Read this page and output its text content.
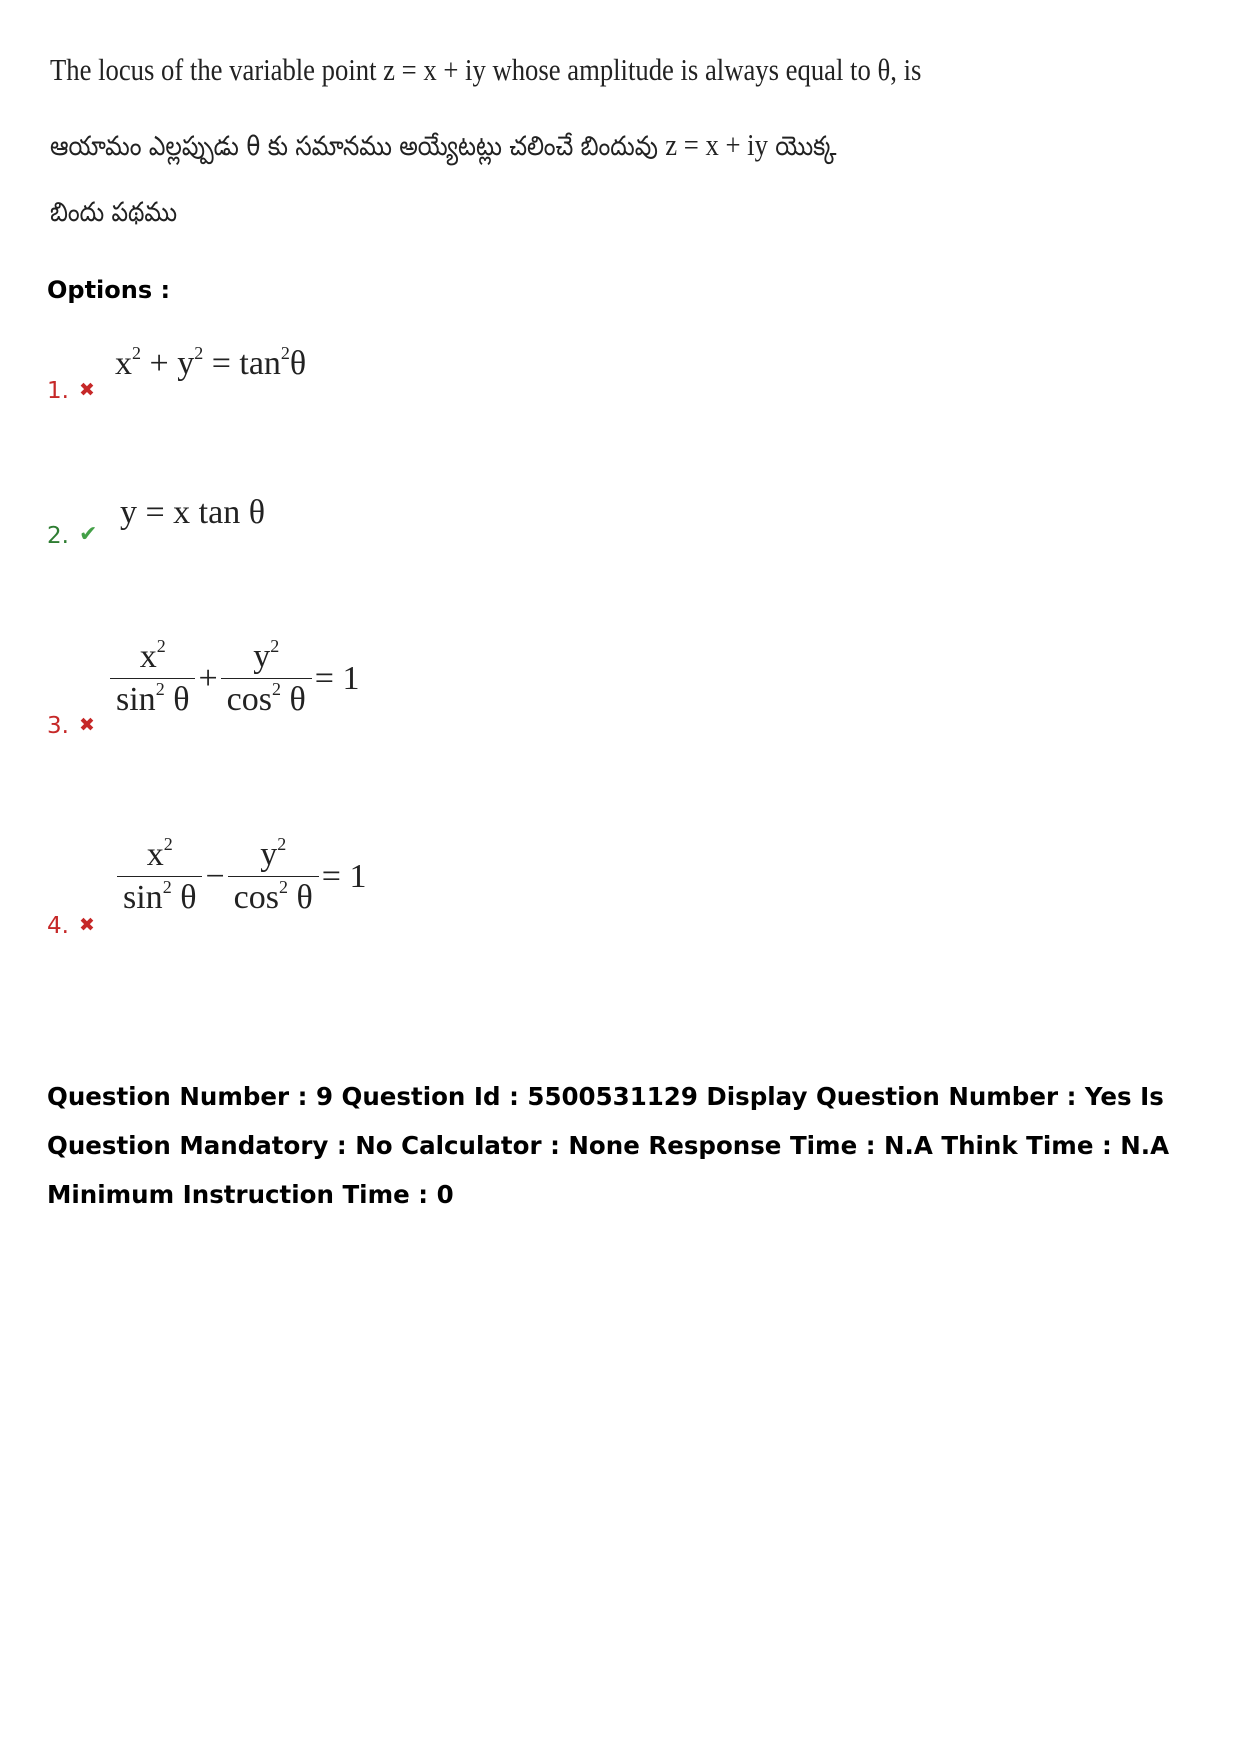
The locus of the variable point z = x + iy whose amplitude is always equal to θ, is
ఆయామం ఎల్లప్పుడు θ కు సమానము అయ్యేటట్లు చలించే బిందువు z = x + iy యొక్క
బిందు పథము
Options :
1. ✖
$x^2 + y^2 = \tan^2\theta$
2. ✔
y = x tan θ
3. ✖
$\frac{x^2}{\sin^2 \theta} + \frac{y^2}{\cos^2 \theta} = 1$
4. ✖
$\frac{x^2}{\sin^2 \theta} - \frac{y^2}{\cos^2 \theta} = 1$
Question Number : 9 Question Id : 5500531129 Display Question Number : Yes Is Question Mandatory : No Calculator : None Response Time : N.A Think Time : N.A Minimum Instruction Time : 0
